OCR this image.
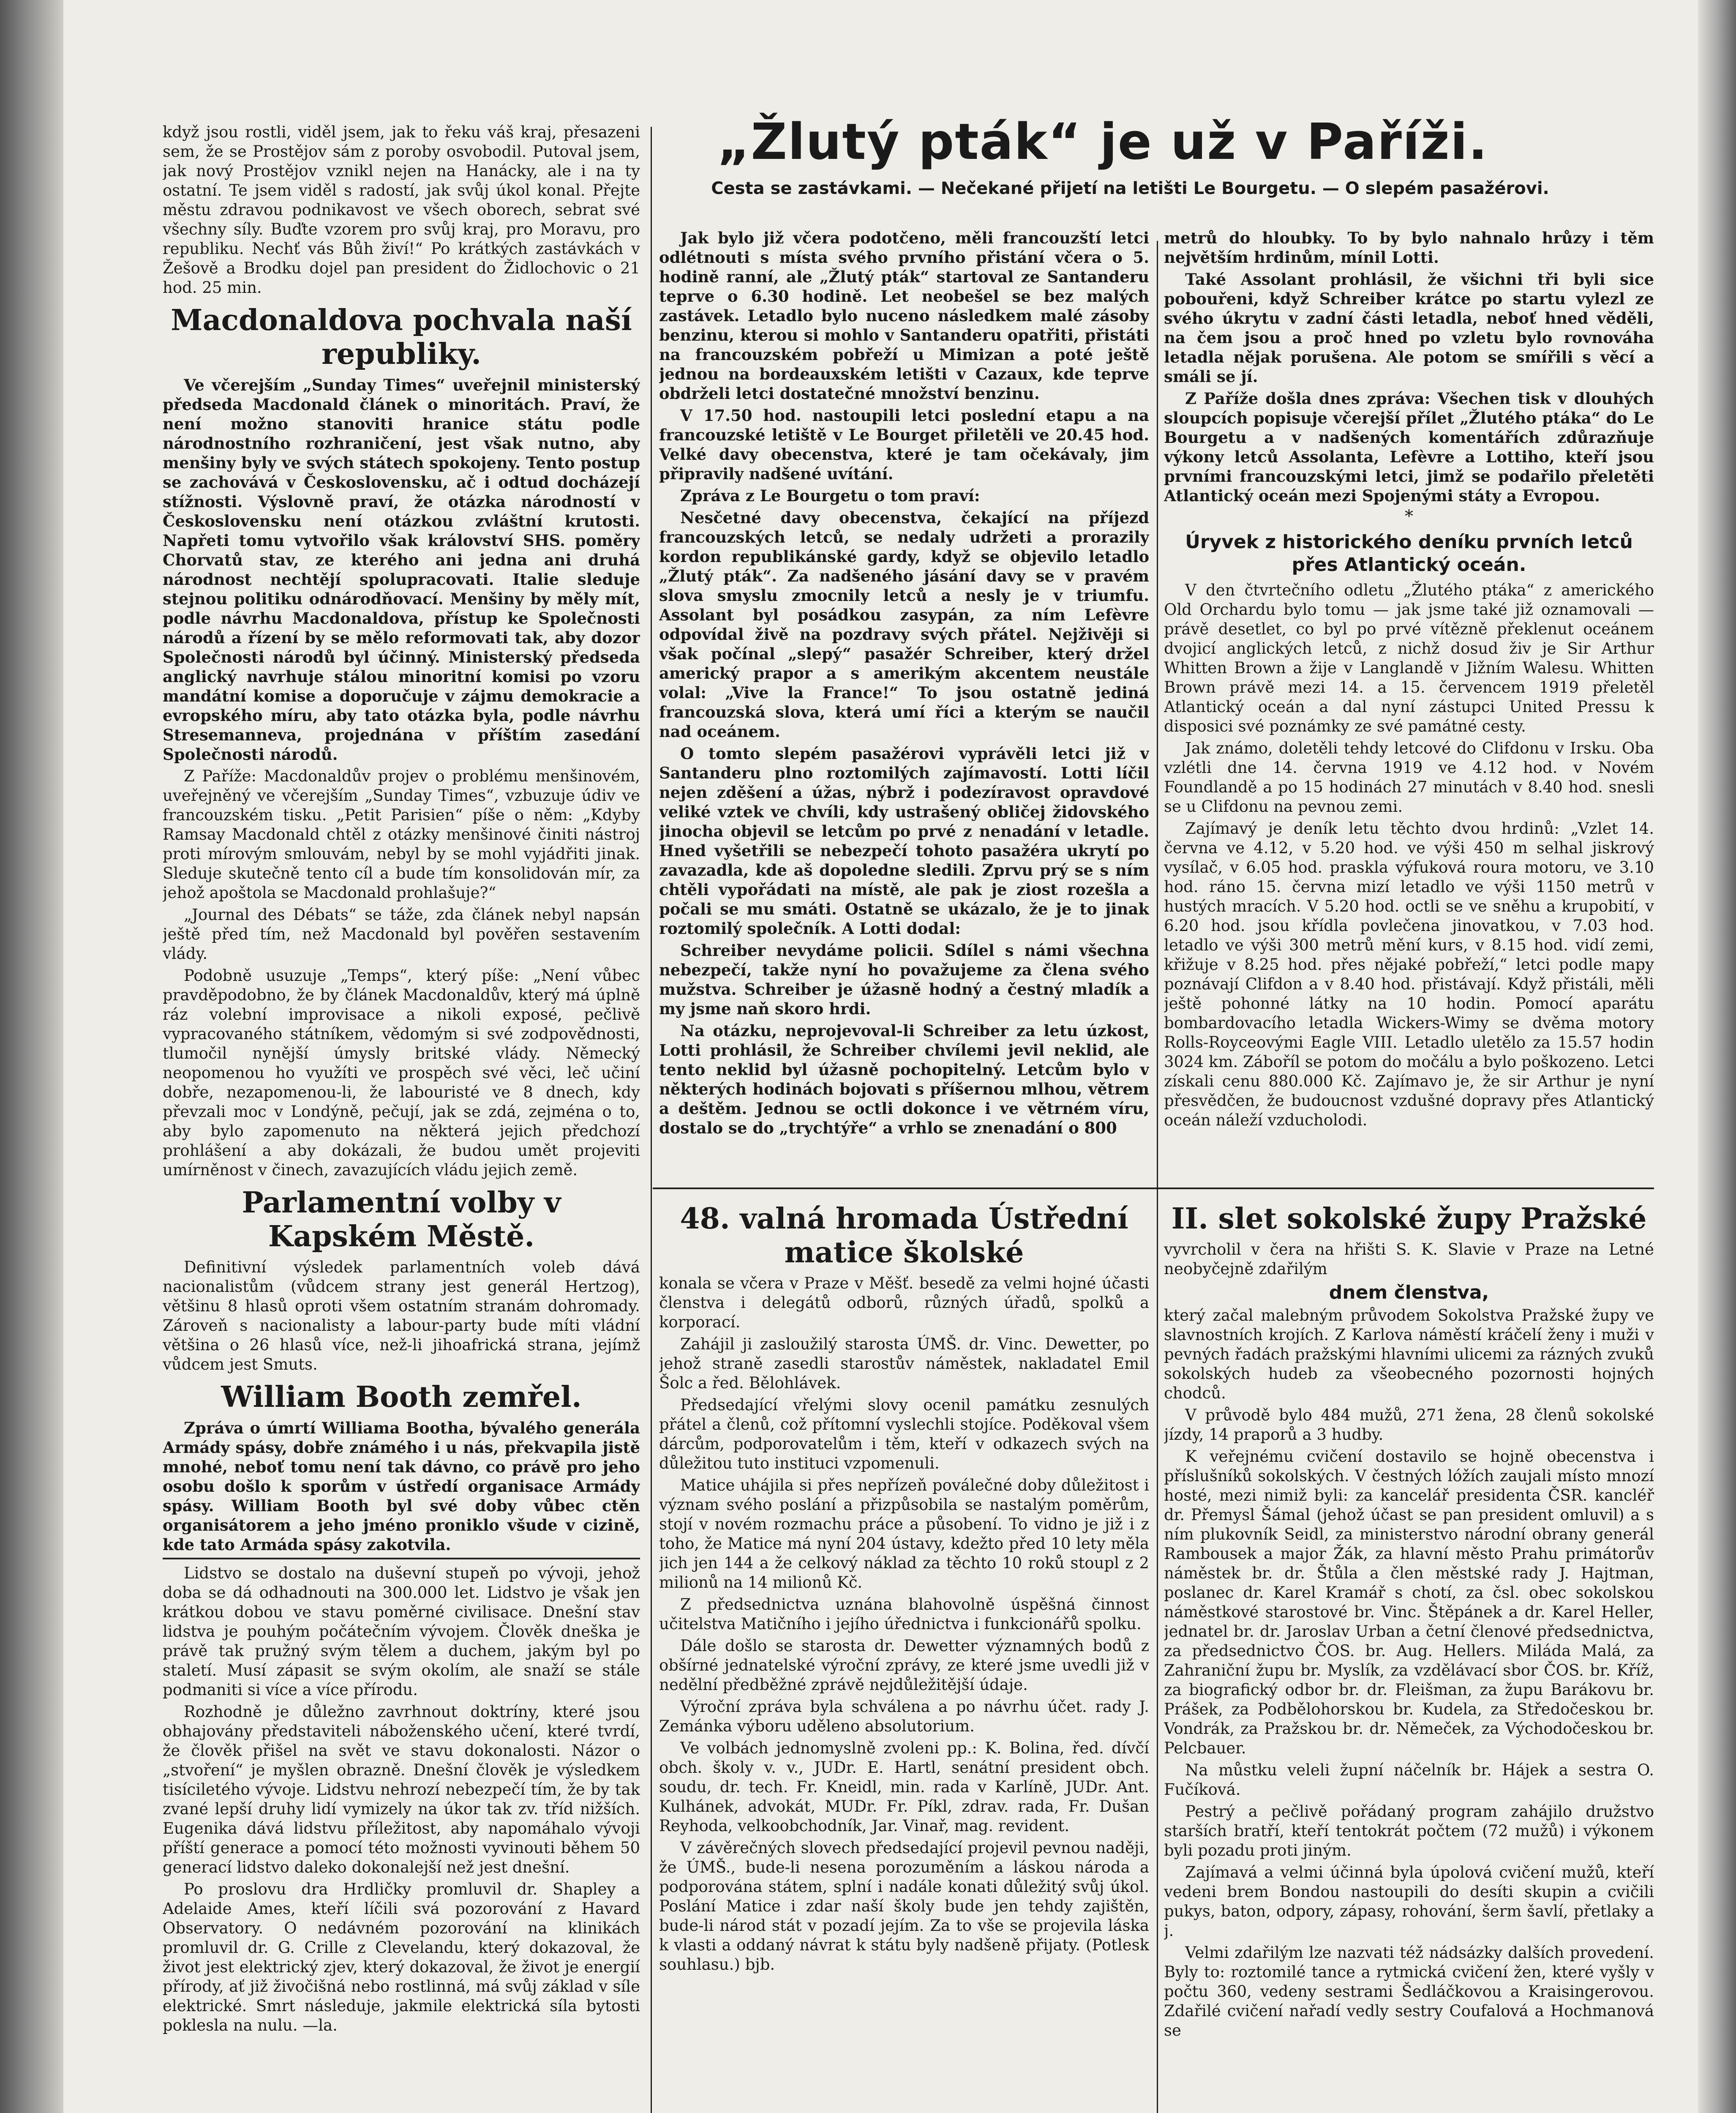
„Žlutý pták“ je už v Paříži.
Cesta se zastávkami. — Nečekané přijetí na letišti Le Bourgetu. — O slepém pasažérovi.

když jsou rostli, viděl jsem, jak to řeku váš kraj, přesazeni sem, že se Prostějov sám z poroby osvobodil. Putoval jsem, jak nový Prostějov vznikl nejen na Hanácky, ale i na ty ostatní. Te jsem viděl s radostí, jak svůj úkol konal. Přejte městu zdravou podnikavost ve všech oborech, sebrat své všechny síly. Buďte vzorem pro svůj kraj, pro Moravu, pro republiku. Nechť vás Bůh živí!“ Po krátkých zastávkách v Žešově a Brodku dojel pan president do Židlochovic o 21 hod. 25 min.

Macdonaldova pochvala naší republiky.

Ve včerejším „Sunday Times“ uveřejnil ministerský předseda Macdonald článek o minoritách. Praví, že není možno stanoviti hranice státu podle národnostního rozhraničení, jest však nutno, aby menšiny byly ve svých státech spokojeny. Tento postup se zachovává v Československu, ač i odtud docházejí stížnosti. Výslovně praví, že otázka národností v Československu není otázkou zvláštní krutosti. Napřeti tomu vytvořilo však království SHS. poměry Chorvatů stav, ze kterého ani jedna ani druhá národnost nechtějí spolupracovati. Italie sleduje stejnou politiku odnárodňovací. Menšiny by měly mít, podle návrhu Macdonaldova, přístup ke Společnosti národů a řízení by se mělo reformovati tak, aby dozor Společnosti národů byl účinný. Ministerský předseda anglický navrhuje stálou minoritní komisi po vzoru mandátní komise a doporučuje v zájmu demokracie a evropského míru, aby tato otázka byla, podle návrhu Stresemanneva, projednána v příštím zasedání Společnosti národů.

Z Paříže: Macdonaldův projev o problému menšinovém, uveřejněný ve včerejším „Sunday Times“, vzbuzuje údiv ve francouzském tisku. „Petit Parisien“ píše o něm: „Kdyby Ramsay Macdonald chtěl z otázky menšinové činiti nástroj proti mírovým smlouvám, nebyl by se mohl vyjádřiti jinak. Sleduje skutečně tento cíl a bude tím konsolidován mír, za jehož apoštola se Macdonald prohlašuje?“

„Journal des Débats“ se táže, zda článek nebyl napsán ještě před tím, než Macdonald byl pověřen sestavením vlády.

Podobně usuzuje „Temps“, který píše: „Není vůbec pravděpodobno, že by článek Macdonaldův, který má úplně ráz volební improvisace a nikoli exposé, pečlivě vypracovaného státníkem, vědomým si své zodpovědnosti, tlumočil nynější úmysly britské vlády. Německý neopomenou ho využíti ve prospěch své věci, leč učiní dobře, nezapomenou-li, že labouristé ve 8 dnech, kdy převzali moc v Londýně, pečují, jak se zdá, zejména o to, aby bylo zapomenuto na některá jejich předchozí prohlášení a aby dokázali, že budou umět projeviti umírněnost v činech, zavazujících vládu jejich země.

Parlamentní volby v Kapském Městě.

Definitivní výsledek parlamentních voleb dává nacionalistům (vůdcem strany jest generál Hertzog), většinu 8 hlasů oproti všem ostatním stranám dohromady. Zároveň s nacionalisty a labour-party bude míti vládní většina o 26 hlasů více, než-li jihoafrická strana, jejímž vůdcem jest Smuts.

William Booth zemřel.

Zpráva o úmrtí Williama Bootha, bývalého generála Armády spásy, dobře známého i u nás, překvapila jistě mnohé, neboť tomu není tak dávno, co právě pro jeho osobu došlo k sporům v ústředí organisace Armády spásy. William Booth byl své doby vůbec ctěn organisátorem a jeho jméno proniklo všude v cizině, kde tato Armáda spásy zakotvila.

Lidstvo se dostalo na duševní stupeň po vývoji, jehož doba se dá odhadnouti na 300.000 let. Lidstvo je však jen krátkou dobou ve stavu poměrné civilisace. Dnešní stav lidstva je pouhým počátečním vývojem. Člověk dneška je právě tak pružný svým tělem a duchem, jakým byl po staletí. Musí zápasit se svým okolím, ale snaží se stále podmaniti si více a více přírodu.

Rozhodně je důležno zavrhnout doktríny, které jsou obhajovány představiteli náboženského učení, které tvrdí, že člověk přišel na svět ve stavu dokonalosti. Názor o „stvoření“ je myšlen obrazně. Dnešní člověk je výsledkem tisíciletého vývoje. Lidstvu nehrozí nebezpečí tím, že by tak zvané lepší druhy lidí vymizely na úkor tak zv. tříd nižších. Eugenika dává lidstvu příležitost, aby napomáhalo vývoji příští generace a pomocí této možnosti vyvinouti během 50 generací lidstvo daleko dokonalejší než jest dnešní.

Po proslovu dra Hrdličky promluvil dr. Shapley a Adelaide Ames, kteří líčili svá pozorování z Havard Observatory. O nedávném pozorování na klinikách promluvil dr. G. Crille z Clevelandu, který dokazoval, že život jest elektrický zjev, který dokazoval, že život je energií přírody, ať již živočišná nebo rostlinná, má svůj základ v síle elektrické. Smrt následuje, jakmile elektrická síla bytosti poklesla na nulu. —la.

Jak bylo již včera podotčeno, měli francouzští letci odlétnouti s místa svého prvního přistání včera o 5. hodině ranní, ale „Žlutý pták“ startoval ze Santanderu teprve o 6.30 hodině. Let neobešel se bez malých zastávek. Letadlo bylo nuceno následkem malé zásoby benzinu, kterou si mohlo v Santanderu opatřiti, přistáti na francouzském pobřeží u Mimizan a poté ještě jednou na bordeauxském letišti v Cazaux, kde teprve obdrželi letci dostatečné množství benzinu.

V 17.50 hod. nastoupili letci poslední etapu a na francouzské letiště v Le Bourget přiletěli ve 20.45 hod. Velké davy obecenstva, které je tam očekávaly, jim připravily nadšené uvítání.

Zpráva z Le Bourgetu o tom praví:

Nesčetné davy obecenstva, čekající na příjezd francouzských letců, se nedaly udržeti a prorazily kordon republikánské gardy, když se objevilo letadlo „Žlutý pták“. Za nadšeného jásání davy se v pravém slova smyslu zmocnily letců a nesly je v triumfu. Assolant byl posádkou zasypán, za ním Lefèvre odpovídal živě na pozdravy svých přátel. Nejživěji si však počínal „slepý“ pasažér Schreiber, který držel americký prapor a s amerikým akcentem neustále volal: „Vive la France!“ To jsou ostatně jediná francouzská slova, která umí říci a kterým se naučil nad oceánem.

O tomto slepém pasažérovi vyprávěli letci již v Santanderu plno roztomilých zajímavostí. Lotti líčil nejen zděšení a úžas, nýbrž i podezíravost opravdové veliké vztek ve chvíli, kdy ustrašený obličej židovského jinocha objevil se letcům po prvé z nenadání v letadle. Hned vyšetřili se nebezpečí tohoto pasažéra ukrytí po zavazadla, kde aš dopoledne sledili. Zprvu prý se s ním chtěli vypořádati na místě, ale pak je ziost rozešla a počali se mu smáti. Ostatně se ukázalo, že je to jinak roztomilý společník. A Lotti dodal:

Schreiber nevydáme policii. Sdílel s námi všechna nebezpečí, takže nyní ho považujeme za člena svého mužstva. Schreiber je úžasně hodný a čestný mladík a my jsme naň skoro hrdi.

Na otázku, neprojevoval-li Schreiber za letu úzkost, Lotti prohlásil, že Schreiber chvílemi jevil neklid, ale tento neklid byl úžasně pochopitelný. Letcům bylo v některých hodinách bojovati s příšernou mlhou, větrem a deštěm. Jednou se octli dokonce i ve větrném víru, dostalo se do „trychtýře“ a vrhlo se znenadání o 800

metrů do hloubky. To by bylo nahnalo hrůzy i těm největším hrdinům, mínil Lotti.

Také Assolant prohlásil, že všichni tři byli sice pobouřeni, když Schreiber krátce po startu vylezl ze svého úkrytu v zadní části letadla, neboť hned věděli, na čem jsou a proč hned po vzletu bylo rovnováha letadla nějak porušena. Ale potom se smířili s věcí a smáli se jí.

Z Paříže došla dnes zpráva: Všechen tisk v dlouhých sloupcích popisuje včerejší přílet „Žlutého ptáka“ do Le Bourgetu a v nadšených komentářích zdůrazňuje výkony letců Assolanta, Lefèvre a Lottiho, kteří jsou prvními francouzskými letci, jimž se podařilo přeletěti Atlantický oceán mezi Spojenými státy a Evropou.

*
Úryvek z historického deníku prvních letců přes Atlantický oceán.

V den čtvrtečního odletu „Žlutého ptáka“ z amerického Old Orchardu bylo tomu — jak jsme také již oznamovali — právě desetlet, co byl po prvé vítězně překlenut oceánem dvojicí anglických letců, z nichž dosud živ je Sir Arthur Whitten Brown a žije v Langlandě v Jižním Walesu. Whitten Brown právě mezi 14. a 15. červencem 1919 přeletěl Atlantický oceán a dal nyní zástupci United Pressu k disposici své poznámky ze své památné cesty.

Jak známo, doletěli tehdy letcové do Clifdonu v Irsku. Oba vzlétli dne 14. června 1919 ve 4.12 hod. v Novém Foundlandě a po 15 hodinách 27 minutách v 8.40 hod. snesli se u Clifdonu na pevnou zemi.

Zajímavý je deník letu těchto dvou hrdinů: „Vzlet 14. června ve 4.12, v 5.20 hod. ve výši 450 m selhal jiskrový vysílač, v 6.05 hod. praskla výfuková roura motoru, ve 3.10 hod. ráno 15. června mizí letadlo ve výši 1150 metrů v hustých mracích. V 5.20 hod. octli se ve sněhu a krupobití, v 6.20 hod. jsou křídla povlečena jinovatkou, v 7.03 hod. letadlo ve výši 300 metrů mění kurs, v 8.15 hod. vidí zemi, křižuje v 8.25 hod. přes nějaké pobřeží,“ letci podle mapy poznávají Clifdon a v 8.40 hod. přistávají. Když přistáli, měli ještě pohonné látky na 10 hodin. Pomocí aparátu bombardovacího letadla Wickers-Wimy se dvěma motory Rolls-Royceovými Eagle VIII. Letadlo uletělo za 15.57 hodin 3024 km. Záboříl se potom do močálu a bylo poškozeno. Letci získali cenu 880.000 Kč. Zajímavo je, že sir Arthur je nyní přesvědčen, že budoucnost vzdušné dopravy přes Atlantický oceán náleží vzducholodi.

48. valná hromada Ústřední matice školské

konala se včera v Praze v Měšť. besedě za velmi hojné účasti členstva i delegátů odborů, různých úřadů, spolků a korporací.

Zahájil ji zasloužilý starosta ÚMŠ. dr. Vinc. Dewetter, po jehož straně zasedli starostův náměstek, nakladatel Emil Šolc a řed. Bělohlávek.

Předsedající vřelými slovy ocenil památku zesnulých přátel a členů, což přítomní vyslechli stojíce. Poděkoval všem dárcům, podporovatelům i těm, kteří v odkazech svých na důležitou tuto instituci vzpomenuli.

Matice uhájila si přes nepřízeň poválečné doby důležitost i význam svého poslání a přizpůsobila se nastalým poměrům, stojí v novém rozmachu práce a působení. To vidno je již i z toho, že Matice má nyní 204 ústavy, kdežto před 10 lety měla jich jen 144 a že celkový náklad za těchto 10 roků stoupl z 2 milionů na 14 milionů Kč.

Z předsednictva uznána blahovolně úspěšná činnost učitelstva Matičního i jejího úřednictva i funkcionářů spolku.

Dále došlo se starosta dr. Dewetter významných bodů z obšírné jednatelské výroční zprávy, ze které jsme uvedli již v nedělní předběžné zprávě nejdůležitější údaje.

Výroční zpráva byla schválena a po návrhu účet. rady J. Zemánka výboru uděleno absolutorium.

Ve volbách jednomyslně zvoleni pp.: K. Bolina, řed. dívčí obch. školy v. v., JUDr. E. Hartl, senátní president obch. soudu, dr. tech. Fr. Kneidl, min. rada v Karlíně, JUDr. Ant. Kulhánek, advokát, MUDr. Fr. Píkl, zdrav. rada, Fr. Dušan Reyhoda, velkoobchodník, Jar. Vinař, mag. revident.

V závěrečných slovech předsedající projevil pevnou naději, že ÚMŠ., bude-li nesena porozuměním a láskou národa a podporována státem, splní i nadále konati důležitý svůj úkol. Poslání Matice i zdar naší školy bude jen tehdy zajištěn, bude-li národ stát v pozadí jejím. Za to vše se projevila láska k vlasti a oddaný návrat k státu byly nadšeně přijaty. (Potlesk souhlasu.) bjb.

II. slet sokolské župy Pražské

vyvrcholil v čera na hřišti S. K. Slavie v Praze na Letné neobyčejně zdařilým

dnem členstva,

který začal malebným průvodem Sokolstva Pražské župy ve slavnostních krojích. Z Karlova náměstí kráčelí ženy i muži v pevných řadách pražskými hlavními ulicemi za rázných zvuků sokolských hudeb za všeobecného pozornosti hojných chodců.

V průvodě bylo 484 mužů, 271 žena, 28 členů sokolské jízdy, 14 praporů a 3 hudby.

K veřejnému cvičení dostavilo se hojně obecenstva i příslušníků sokolských. V čestných lóžích zaujali místo mnozí hosté, mezi nimiž byli: za kancelář presidenta ČSR. kancléř dr. Přemysl Šámal (jehož účast se pan president omluvil) a s ním plukovník Seidl, za ministerstvo národní obrany generál Rambousek a major Žák, za hlavní město Prahu primátorův náměstek br. dr. Štůla a člen městské rady J. Hajtman, poslanec dr. Karel Kramář s chotí, za čsl. obec sokolskou náměstkové starostové br. Vinc. Štěpánek a dr. Karel Heller, jednatel br. dr. Jaroslav Urban a četní členové předsednictva, za předsednictvo ČOS. br. Aug. Hellers. Miláda Malá, za Zahraniční župu br. Myslík, za vzdělávací sbor ČOS. br. Kříž, za biografický odbor br. dr. Fleišman, za župu Barákovu br. Prášek, za Podbělohorskou br. Kudela, za Středočeskou br. Vondrák, za Pražskou br. dr. Němeček, za Východočeskou br. Pelcbauer.

Na můstku veleli župní náčelník br. Hájek a sestra O. Fučíková.

Pestrý a pečlivě pořádaný program zahájilo družstvo starších bratří, kteří tentokrát počtem (72 mužů) i výkonem byli pozadu proti jiným.

Zajímavá a velmi účinná byla úpolová cvičení mužů, kteří vedeni brem Bondou nastoupili do desíti skupin a cvičili pukys, baton, odpory, zápasy, rohování, šerm šavlí, přetlaky a j.

Velmi zdařilým lze nazvati též nádsázky dalších provedení. Byly to: roztomilé tance a rytmická cvičení žen, které vyšly v počtu 360, vedeny sestrami Šedláčkovou a Kraisingerovou. Zdařilé cvičení nařadí vedly sestry Coufalová a Hochmanová se
